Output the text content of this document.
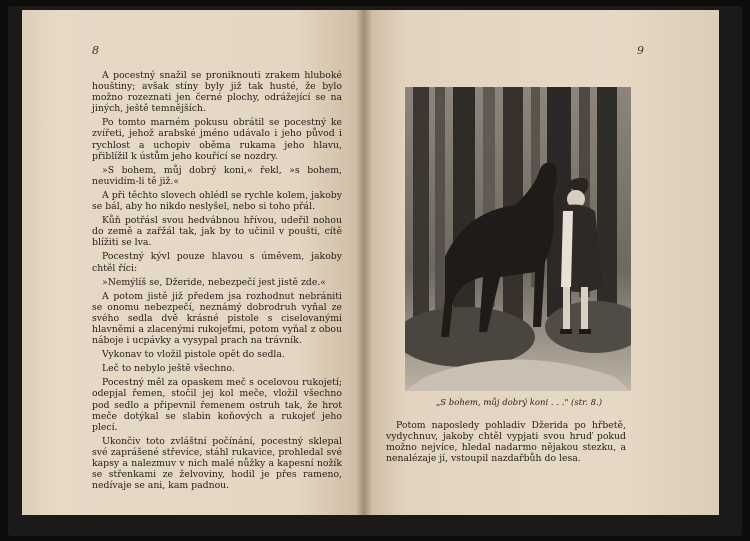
8	9

A pocestný snažil se proniknouti zrakem hluboké houštiny; avšak stíny byly již tak husté, že bylo možno rozeznati jen černé plochy, odrážející se na jiných, ještě temnějších.

Po tomto marném pokusu obrátil se pocestný ke zvířeti, jehož arabské jméno udávalo i jeho původ i rychlost a uchopiv oběma rukama jeho hlavu, přiblížil k ústům jeho kouřící se nozdry.

»S bohem, můj dobrý koni,« řekl, »s bohem, neuvidím-li tě již.«

A při těchto slovech ohlédl se rychle kolem, jakoby se bál, aby ho nikdo neslyšel, nebo si toho přál.

Kůň potřásl svou hedvábnou hřívou, udeřil nohou do země a zařžál tak, jak by to učinil v poušti, cítě blížiti se lva.

Pocestný kývl pouze hlavou s úměvem, jakoby chtěl říci:

»Nemýlíš se, Džeride, nebezpečí jest jistě zde.«

A potom jistě již předem jsa rozhodnut nebrániti se onomu nebezpečí, neznámý dobrodruh vyňal ze svého sedla dvě krásné pistole s ciselovanými hlavněmi a zlacenými rukojeťmi, potom vyňal z obou náboje i ucpávky a vysypal prach na trávník.

Vykonav to vložil pistole opět do sedla.

Leč to nebylo ještě všechno.

Pocestný měl za opaskem meč s ocelovou rukojetí; odepjal řemen, stočil jej kol meče, vložil všechno pod sedlo a připevnil řemenem ostruh tak, že hrot meče dotýkal se slabin koňových a rukojeť jeho plecí.

Ukončiv toto zvláštní počínání, pocestný sklepal své zaprášené střevíce, stáhl rukavice, prohledal své kapsy a nalezmuv v nich malé nůžky a kapesní nožík se střenkami ze želvoviny, hodil je přes rameno, nedívaje se ani, kam padnou.

„S bohem, můj dobrý koni . . ." (str. 8.)

Potom naposledy pohladiv Džerida po hřbetě, vydychnuv, jakoby chtěl vypjati svou hruď pokud možno nejvíce, hledal nadarmo nějakou stezku, a nenalézaje jí, vstoupil nazdařbůh do lesa.
